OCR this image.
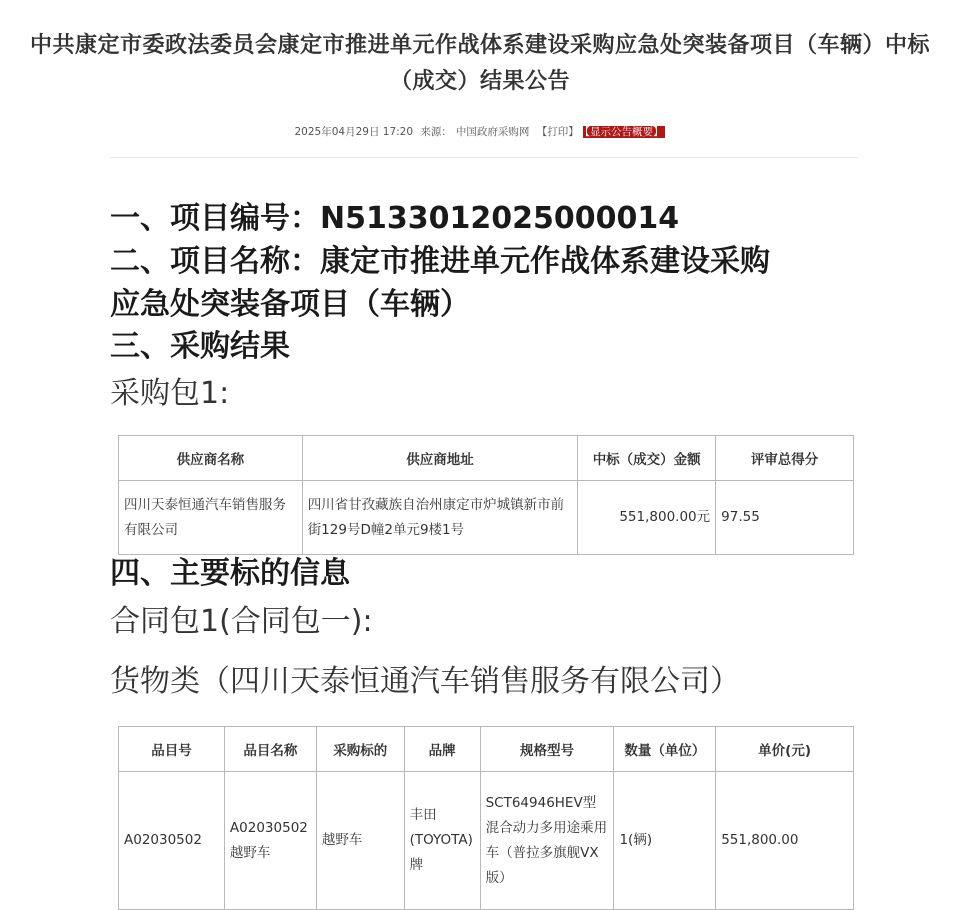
中共康定市委政法委员会康定市推进单元作战体系建设采购应急处突装备项目（车辆）中标（成交）结果公告
2025年04月29日 17:20 来源： 中国政府采购网 【打印】 【显示公告概要】
一、项目编号：N5133012025000014
二、项目名称：康定市推进单元作战体系建设采购
应急处突装备项目（车辆）
三、采购结果
采购包1:
供应商名称	供应商地址	中标（成交）金额	评审总得分
四川天泰恒通汽车销售服务有限公司	四川省甘孜藏族自治州康定市炉城镇新市前街129号D幢2单元9楼1号	551,800.00元	97.55
四、主要标的信息
合同包1(合同包一):
货物类（四川天泰恒通汽车销售服务有限公司）
品目号	品目名称	采购标的	品牌	规格型号	数量（单位）	单价(元)
A02030502	A02030502越野车	越野车	丰田(TOYOTA)牌	SCT64946HEV型混合动力多用途乘用车（普拉多旗舰VX版）	1(辆)	551,800.00
